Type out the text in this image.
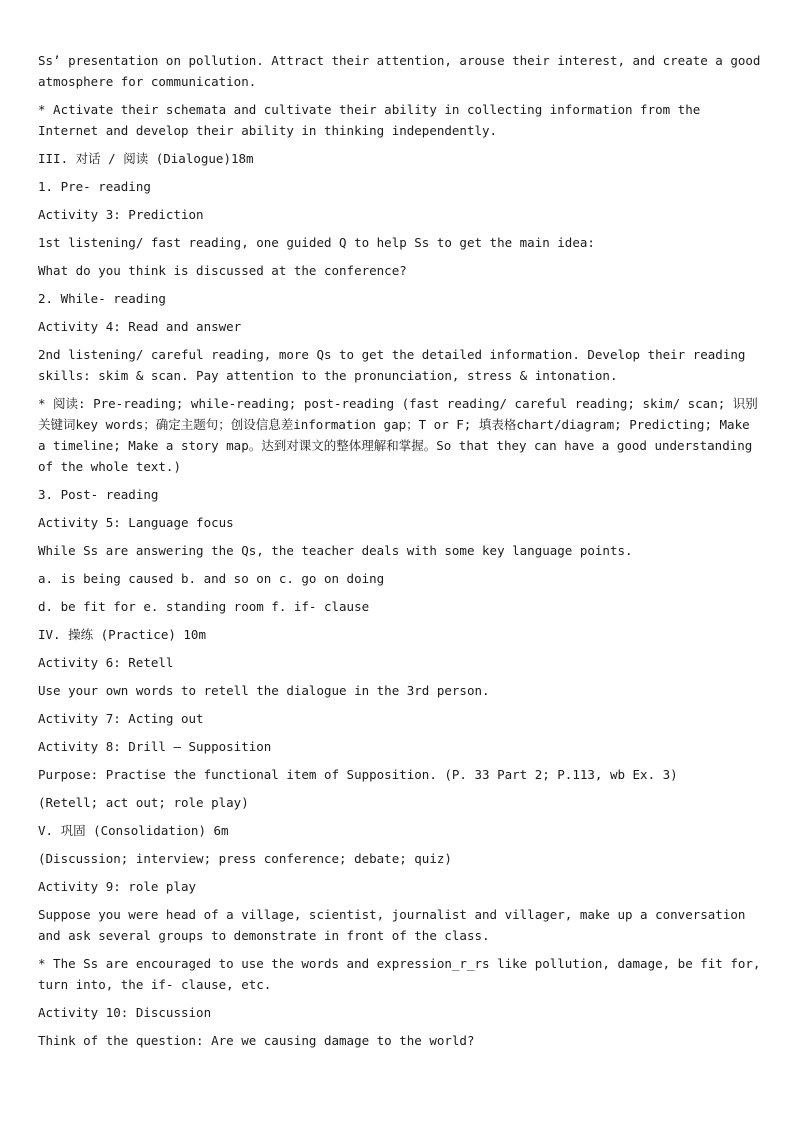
Ss’ presentation on pollution. Attract their attention, arouse their interest, and create a good atmosphere for communication.

* Activate their schemata and cultivate their ability in collecting information from the Internet and develop their ability in thinking independently.

III. 对话 / 阅读 (Dialogue)18m

1. Pre- reading

Activity 3: Prediction

1st listening/ fast reading, one guided Q to help Ss to get the main idea:

What do you think is discussed at the conference?

2. While- reading

Activity 4: Read and answer

2nd listening/ careful reading, more Qs to get the detailed information. Develop their reading skills: skim & scan. Pay attention to the pronunciation, stress & intonation.

* 阅读: Pre-reading; while-reading; post-reading (fast reading/ careful reading; skim/ scan; 识别关键词key words；确定主题句；创设信息差information gap；T or F; 填表格chart/diagram; Predicting; Make a timeline; Make a story map。达到对课文的整体理解和掌握。So that they can have a good understanding of the whole text.)

3. Post- reading

Activity 5: Language focus

While Ss are answering the Qs, the teacher deals with some key language points.

a. is being caused b. and so on c. go on doing

d. be fit for e. standing room f. if- clause

IV. 操练 (Practice) 10m

Activity 6: Retell

Use your own words to retell the dialogue in the 3rd person.

Activity 7: Acting out

Activity 8: Drill – Supposition

Purpose: Practise the functional item of Supposition. (P. 33 Part 2; P.113, wb Ex. 3)

(Retell; act out; role play)

V. 巩固 (Consolidation) 6m

(Discussion; interview; press conference; debate; quiz)

Activity 9: role play

Suppose you were head of a village, scientist, journalist and villager, make up a conversation and ask several groups to demonstrate in front of the class.

* The Ss are encouraged to use the words and expression_r_rs like pollution, damage, be fit for, turn into, the if- clause, etc.

Activity 10: Discussion

Think of the question: Are we causing damage to the world?
